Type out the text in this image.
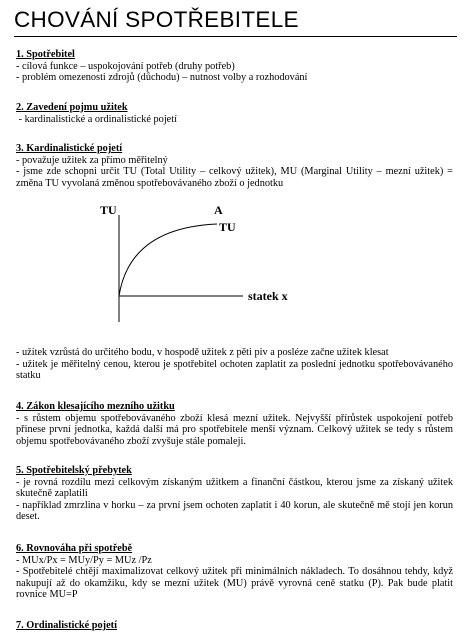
CHOVÁNÍ SPOTŘEBITELE
1. Spotřebitel
- cílová funkce – uspokojování potřeb (druhy potřeb)
- problém omezenosti zdrojů (důchodu) – nutnost volby a rozhodování
2. Zavedení pojmu užitek
- kardinalistické a ordinalistické pojetí
3. Kardinalistické pojetí
- považuje užitek za přímo měřitelný
- jsme zde schopni určit TU (Total Utility – celkový užitek), MU (Marginal Utility – mezní užitek) = změna TU vyvolaná změnou spotřebovávaného zboží o jednotku
TU	A
TU
statek x
- užitek vzrůstá do určitého bodu, v hospodě užitek z pěti piv a posléze začne užitek klesat
- užitek je měřitelný cenou, kterou je spotřebitel ochoten zaplatit za poslední jednotku spotřebovávaného statku
4. Zákon klesajícího mezního užitku
- s růstem objemu spotřebovávaného zboží klesá mezní užitek. Nejvyšší přírůstek uspokojení potřeb přinese první jednotka, každá další má pro spotřebitele menší význam. Celkový užitek se tedy s růstem objemu spotřebovávaného zboží zvyšuje stále pomaleji.
5. Spotřebitelský přebytek
- je rovná rozdílu mezi celkovým získaným užitkem a finanční částkou, kterou jsme za získaný užitek skutečně zaplatili
- například zmrzlina v horku – za první jsem ochoten zaplatit i 40 korun, ale skutečně mě stojí jen korun deset.
6. Rovnováha při spotřebě
- MUx/Px = MUy/Py = MUz /Pz
- Spotřebitelé chtějí maximalizovat celkový užitek při minimálních nákladech. To dosáhnou tehdy, když nakupují až do okamžiku, kdy se mezní užitek (MU) právě vyrovná ceně statku (P). Pak bude platit rovnice MU=P
7. Ordinalistické pojetí
